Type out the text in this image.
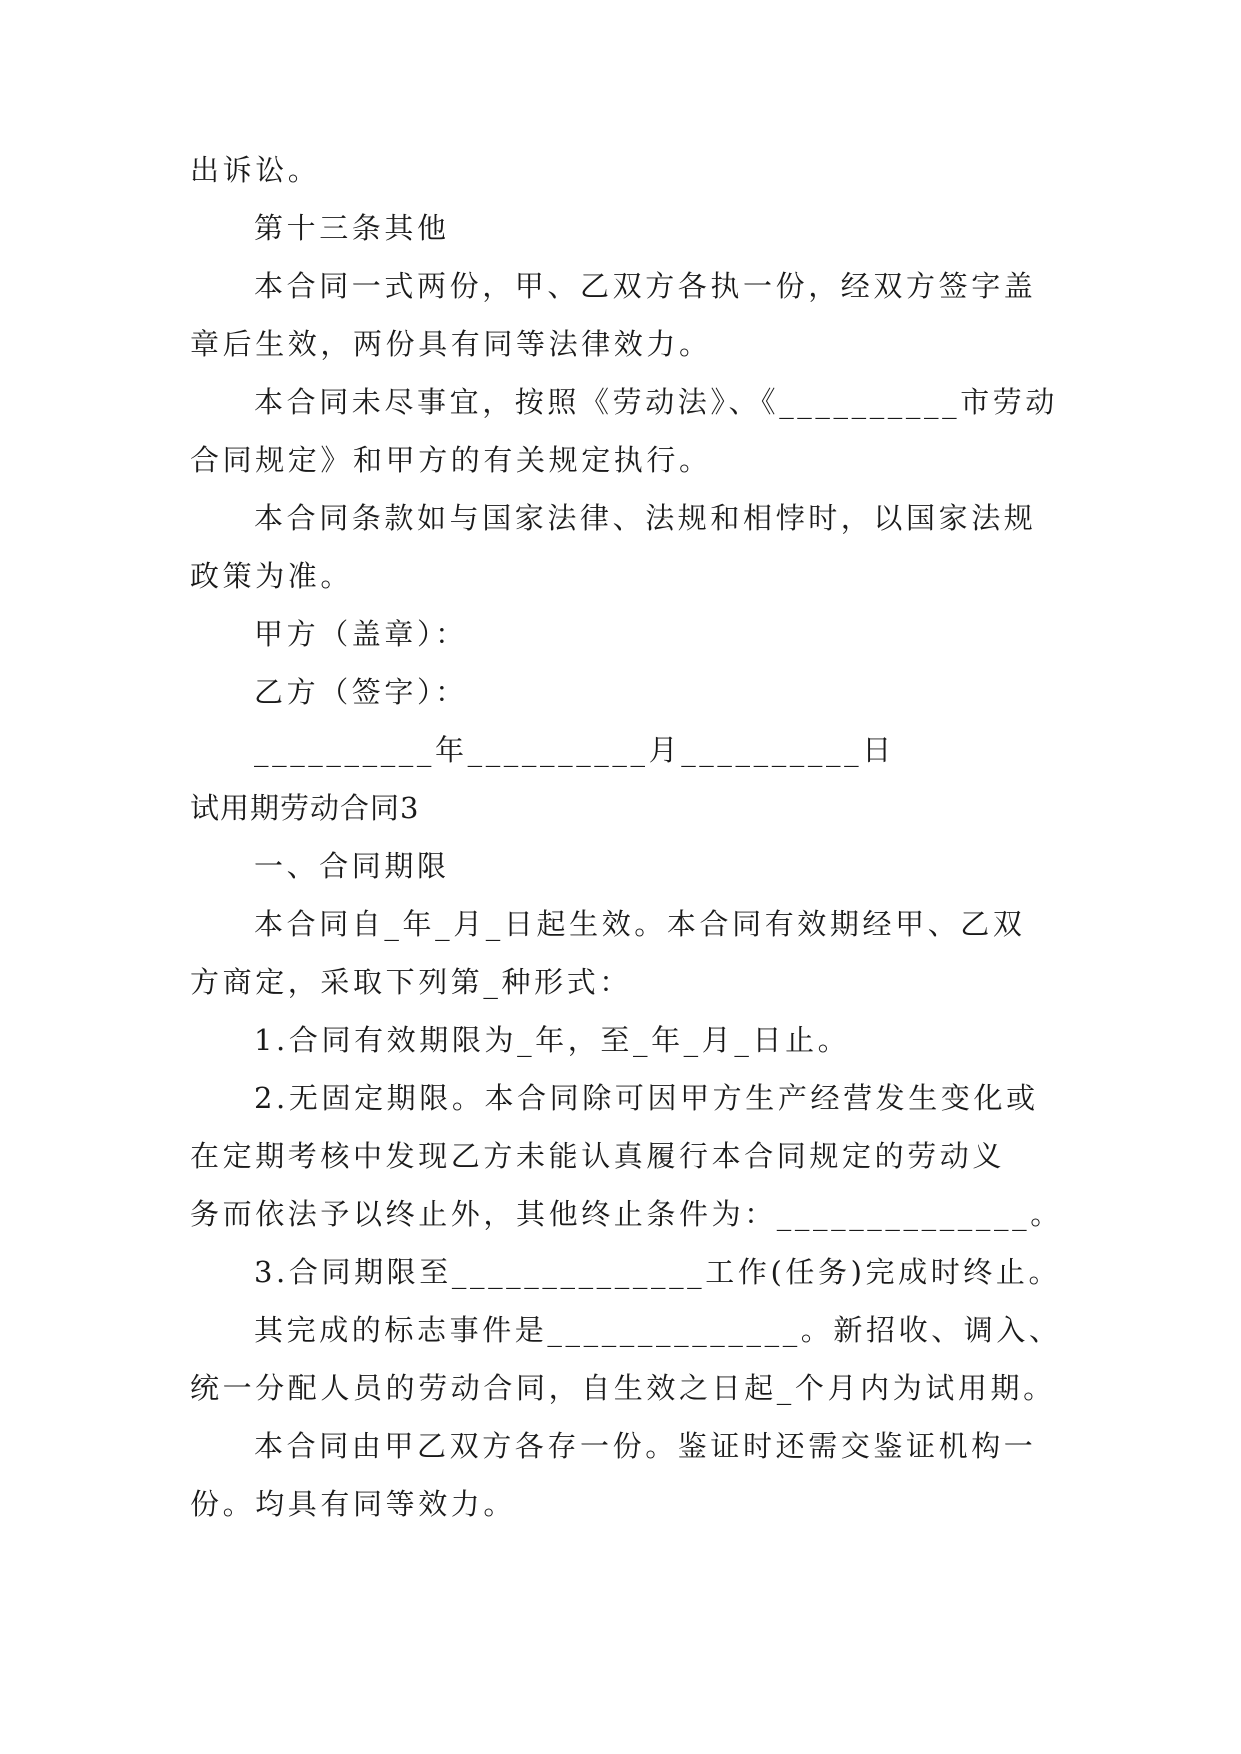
出诉讼。
第十三条其他
本合同一式两份，甲、乙双方各执一份，经双方签字盖
章后生效，两份具有同等法律效力。
本合同未尽事宜，按照《劳动法》、《__________市劳动
合同规定》和甲方的有关规定执行。
本合同条款如与国家法律、法规和相悖时，以国家法规
政策为准。
甲方（盖章）：
乙方（签字）：
__________年__________月__________日
试用期劳动合同3
一、合同期限
本合同自_年_月_日起生效。本合同有效期经甲、乙双
方商定，采取下列第_种形式：
1.合同有效期限为_年，至_年_月_日止。
2.无固定期限。本合同除可因甲方生产经营发生变化或
在定期考核中发现乙方未能认真履行本合同规定的劳动义
务而依法予以终止外，其他终止条件为：______________。
3.合同期限至______________工作(任务)完成时终止。
其完成的标志事件是______________。新招收、调入、
统一分配人员的劳动合同，自生效之日起_个月内为试用期。
本合同由甲乙双方各存一份。鉴证时还需交鉴证机构一
份。均具有同等效力。
